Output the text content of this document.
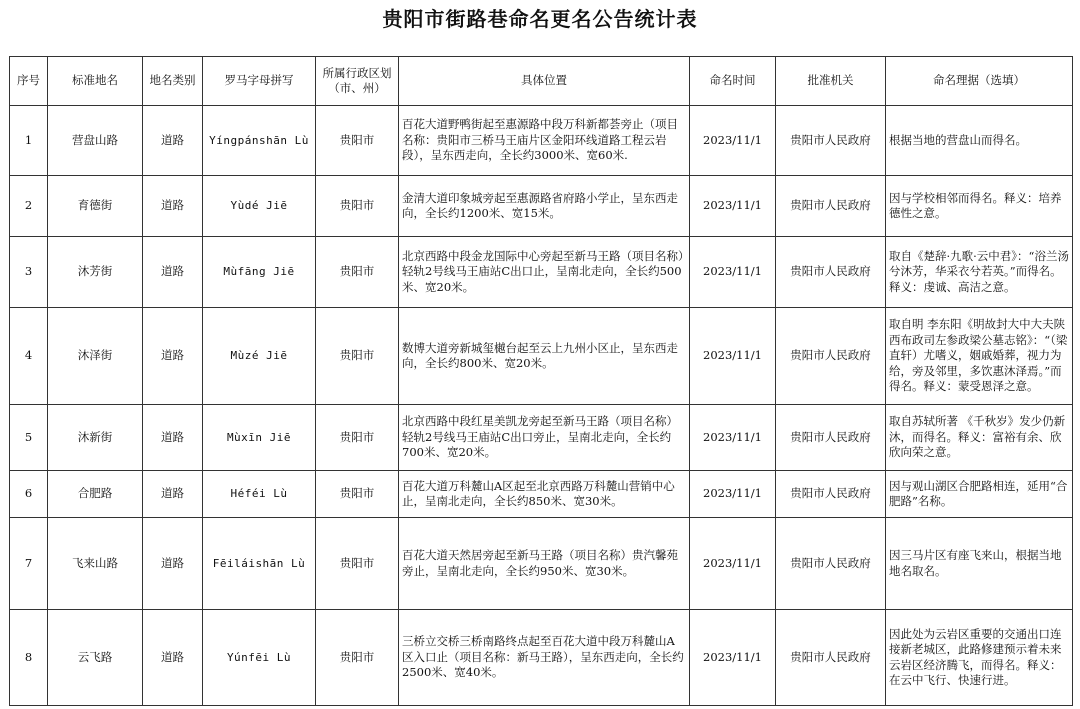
贵阳市街路巷命名更名公告统计表
序号	标准地名	地名类别	罗马字母拼写	所属行政区划（市、州）	具体位置	命名时间	批准机关	命名理据（选填）
1	营盘山路	道路	Yíngpánshān Lù	贵阳市	百花大道野鸭街起至惠源路中段万科新都荟旁止（项目名称：贵阳市三桥马王庙片区金阳环线道路工程云岩段），呈东西走向，全长约3000米、宽60米.	2023/11/1	贵阳市人民政府	根据当地的营盘山而得名。
2	育德街	道路	Yùdé Jiē	贵阳市	金清大道印象城旁起至惠源路省府路小学止，呈东西走向，全长约1200米、宽15米。	2023/11/1	贵阳市人民政府	因与学校相邻而得名。释义：培养德性之意。
3	沐芳街	道路	Mùfāng Jiē	贵阳市	北京西路中段金龙国际中心旁起至新马王路（项目名称）轻轨2号线马王庙站C出口止，呈南北走向，全长约500米、宽20米。	2023/11/1	贵阳市人民政府	取自《楚辞·九歌·云中君》：“浴兰汤兮沐芳，华采衣兮若英。”而得名。释义：虔诚、高洁之意。
4	沐泽街	道路	Mùzé Jiē	贵阳市	数博大道旁新城玺樾台起至云上九州小区止，呈东西走向，全长约800米、宽20米。	2023/11/1	贵阳市人民政府	取自明 李东阳《明故封大中大夫陕西布政司左参政梁公墓志铭》：“（梁直轩）尤嗜义，姻戚婚葬，视力为给，旁及邻里，多饮惠沐泽焉。”而得名。释义：蒙受恩泽之意。
5	沐新街	道路	Mùxīn Jiē	贵阳市	北京西路中段红星美凯龙旁起至新马王路（项目名称）轻轨2号线马王庙站C出口旁止，呈南北走向，全长约700米、宽20米。	2023/11/1	贵阳市人民政府	取自苏轼所著 《千秋岁》发少仍新沐，而得名。释义：富裕有余、欣欣向荣之意。
6	合肥路	道路	Héféi Lù	贵阳市	百花大道万科麓山A区起至北京西路万科麓山营销中心止，呈南北走向，全长约850米、宽30米。	2023/11/1	贵阳市人民政府	因与观山湖区合肥路相连，延用“合肥路”名称。
7	飞来山路	道路	Fēiláishān Lù	贵阳市	百花大道天然居旁起至新马王路（项目名称）贵汽馨苑旁止，呈南北走向，全长约950米、宽30米。	2023/11/1	贵阳市人民政府	因三马片区有座飞来山，根据当地地名取名。
8	云飞路	道路	Yúnfēi Lù	贵阳市	三桥立交桥三桥南路终点起至百花大道中段万科麓山A区入口止（项目名称：新马王路），呈东西走向，全长约2500米、宽40米。	2023/11/1	贵阳市人民政府	因此处为云岩区重要的交通出口连接新老城区，此路修建预示着未来云岩区经济腾飞，而得名。释义：在云中飞行、快速行进。
